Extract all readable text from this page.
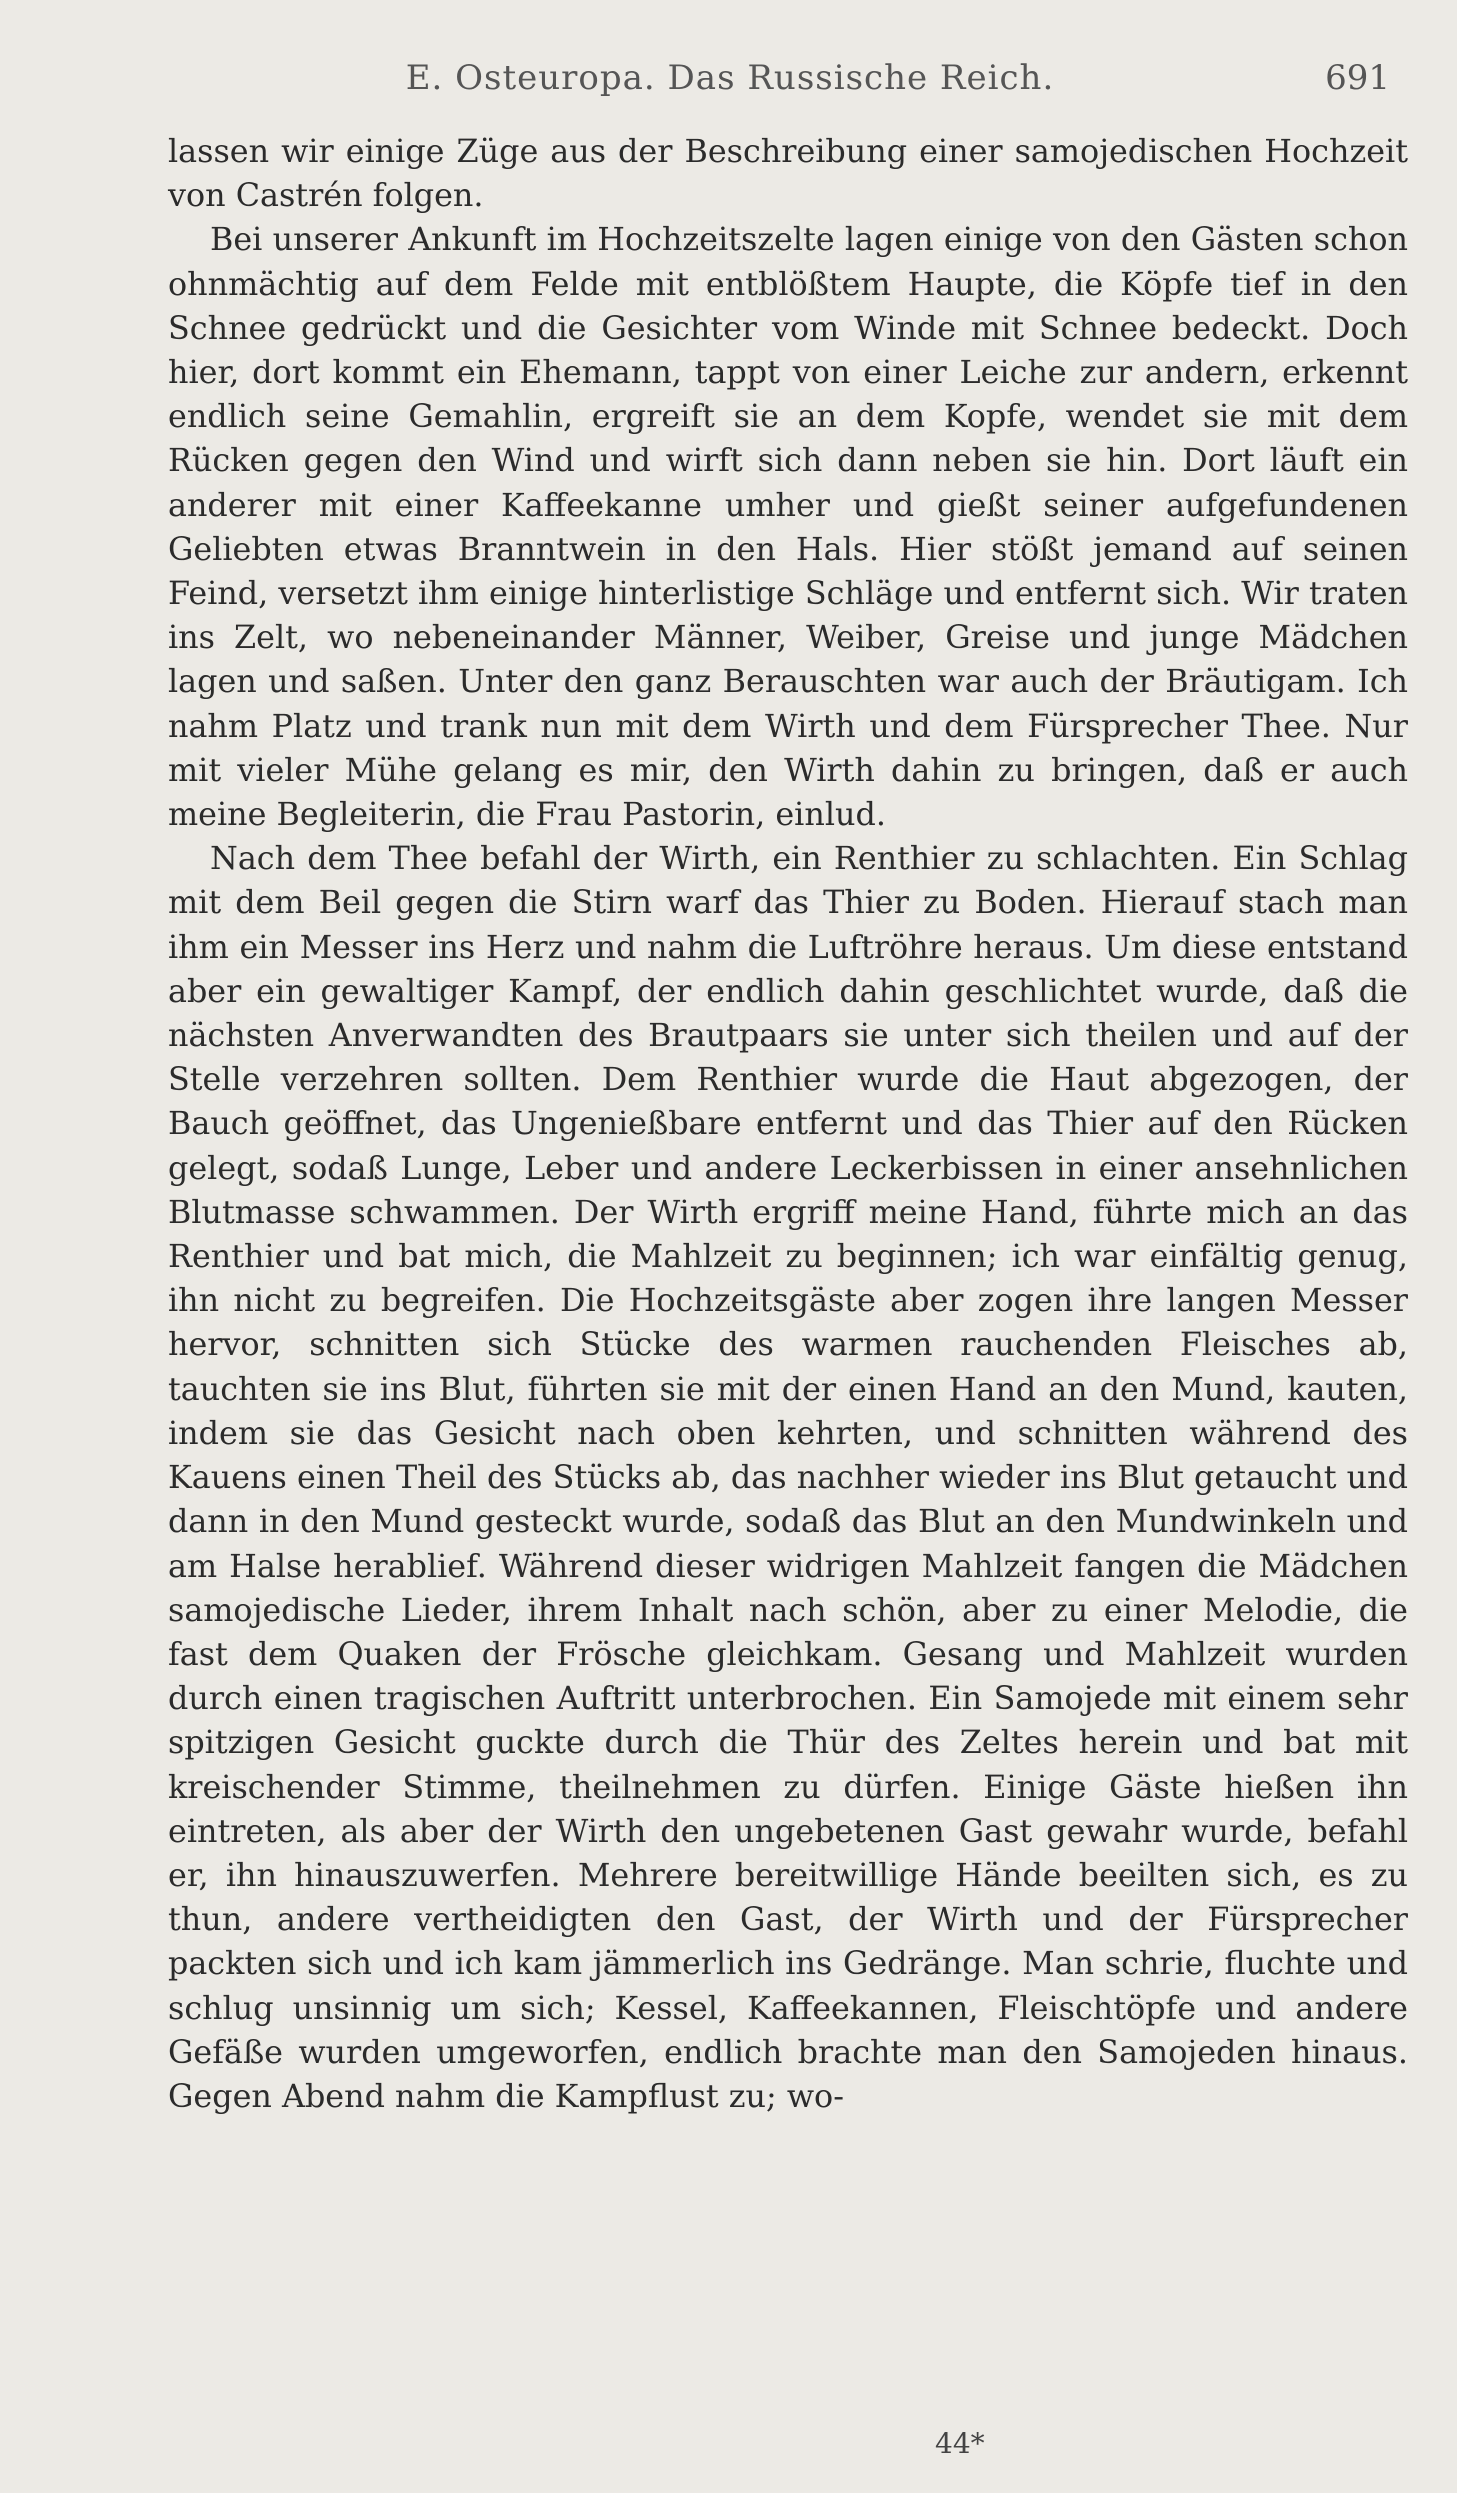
E. Osteuropa. Das Russische Reich.	691

lassen wir einige Züge aus der Beschreibung einer samojedischen Hochzeit von Castrén folgen.

Bei unserer Ankunft im Hochzeitszelte lagen einige von den Gästen schon ohnmächtig auf dem Felde mit entblößtem Haupte, die Köpfe tief in den Schnee gedrückt und die Gesichter vom Winde mit Schnee bedeckt. Doch hier, dort kommt ein Ehemann, tappt von einer Leiche zur andern, erkennt endlich seine Gemahlin, ergreift sie an dem Kopfe, wendet sie mit dem Rücken gegen den Wind und wirft sich dann neben sie hin. Dort läuft ein anderer mit einer Kaffeekanne umher und gießt seiner aufgefundenen Geliebten etwas Branntwein in den Hals. Hier stößt jemand auf seinen Feind, versetzt ihm einige hinterlistige Schläge und entfernt sich. Wir traten ins Zelt, wo nebeneinander Männer, Weiber, Greise und junge Mädchen lagen und saßen. Unter den ganz Berauschten war auch der Bräutigam. Ich nahm Platz und trank nun mit dem Wirth und dem Fürsprecher Thee. Nur mit vieler Mühe gelang es mir, den Wirth dahin zu bringen, daß er auch meine Begleiterin, die Frau Pastorin, einlud.

Nach dem Thee befahl der Wirth, ein Renthier zu schlachten. Ein Schlag mit dem Beil gegen die Stirn warf das Thier zu Boden. Hierauf stach man ihm ein Messer ins Herz und nahm die Luftröhre heraus. Um diese entstand aber ein gewaltiger Kampf, der endlich dahin geschlichtet wurde, daß die nächsten Anverwandten des Brautpaars sie unter sich theilen und auf der Stelle verzehren sollten. Dem Renthier wurde die Haut abgezogen, der Bauch geöffnet, das Ungenießbare entfernt und das Thier auf den Rücken gelegt, sodaß Lunge, Leber und andere Leckerbissen in einer ansehnlichen Blutmasse schwammen. Der Wirth ergriff meine Hand, führte mich an das Renthier und bat mich, die Mahlzeit zu beginnen; ich war einfältig genug, ihn nicht zu begreifen. Die Hochzeitsgäste aber zogen ihre langen Messer hervor, schnitten sich Stücke des warmen rauchenden Fleisches ab, tauchten sie ins Blut, führten sie mit der einen Hand an den Mund, kauten, indem sie das Gesicht nach oben kehrten, und schnitten während des Kauens einen Theil des Stücks ab, das nachher wieder ins Blut getaucht und dann in den Mund gesteckt wurde, sodaß das Blut an den Mundwinkeln und am Halse herablief. Während dieser widrigen Mahlzeit fangen die Mädchen samojedische Lieder, ihrem Inhalt nach schön, aber zu einer Melodie, die fast dem Quaken der Frösche gleichkam. Gesang und Mahlzeit wurden durch einen tragischen Auftritt unterbrochen. Ein Samojede mit einem sehr spitzigen Gesicht guckte durch die Thür des Zeltes herein und bat mit kreischender Stimme, theilnehmen zu dürfen. Einige Gäste hießen ihn eintreten, als aber der Wirth den ungebetenen Gast gewahr wurde, befahl er, ihn hinauszuwerfen. Mehrere bereitwillige Hände beeilten sich, es zu thun, andere vertheidigten den Gast, der Wirth und der Fürsprecher packten sich und ich kam jämmerlich ins Gedränge. Man schrie, fluchte und schlug unsinnig um sich; Kessel, Kaffeekannen, Fleischtöpfe und andere Gefäße wurden umgeworfen, endlich brachte man den Samojeden hinaus. Gegen Abend nahm die Kampflust zu; wo-

44*
